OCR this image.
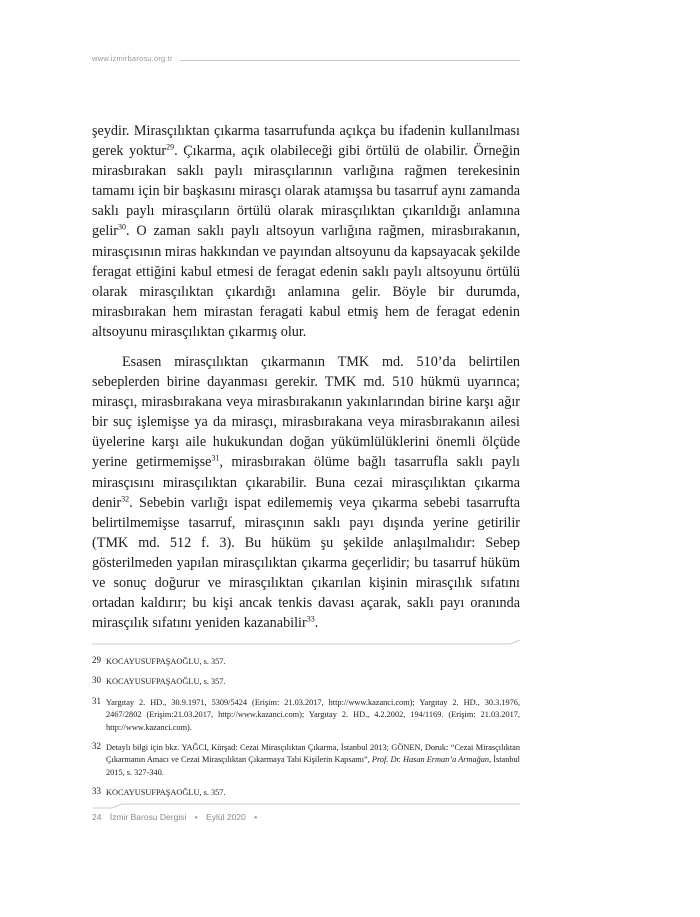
www.izmirbarosu.org.tr

şeydir. Mirasçılıktan çıkarma tasarrufunda açıkça bu ifadenin kullanılması gerek yoktur$^{29}$. Çıkarma, açık olabileceği gibi örtülü de olabilir. Örneğin mirasbırakan saklı paylı mirasçılarının varlığına rağmen terekesinin tamamı için bir başkasını mirasçı olarak atamışsa bu tasarruf aynı zamanda saklı paylı mirasçıların örtülü olarak mirasçılıktan çıkarıldığı anlamına gelir$^{30}$. O zaman saklı paylı altsoyun varlığına rağmen, mirasbırakanın, mirasçısının miras hakkından ve payından altsoyunu da kapsayacak şekilde feragat ettiğini kabul etmesi de feragat edenin saklı paylı altsoyunu örtülü olarak mirasçılıktan çıkardığı anlamına gelir. Böyle bir durumda, mirasbırakan hem mirastan feragati kabul etmiş hem de feragat edenin altsoyunu mirasçılıktan çıkarmış olur.

Esasen mirasçılıktan çıkarmanın TMK md. 510’da belirtilen sebeplerden birine dayanması gerekir. TMK md. 510 hükmü uyarınca; mirasçı, mirasbırakana veya mirasbırakanın yakınlarından birine karşı ağır bir suç işlemişse ya da mirasçı, mirasbırakana veya mirasbırakanın ailesi üyelerine karşı aile hukukundan doğan yükümlülüklerini önemli ölçüde yerine getirmemişse$^{31}$, mirasbırakan ölüme bağlı tasarrufla saklı paylı mirasçısını mirasçılıktan çıkarabilir. Buna cezai mirasçılıktan çıkarma denir$^{32}$. Sebebin varlığı ispat edilememiş veya çıkarma sebebi tasarrufta belirtilmemişse tasarruf, mirasçının saklı payı dışında yerine getirilir (TMK md. 512 f. 3). Bu hüküm şu şekilde anlaşılmalıdır: Sebep gösterilmeden yapılan mirasçılıktan çıkarma geçerlidir; bu tasarruf hüküm ve sonuç doğurur ve mirasçılıktan çıkarılan kişinin mirasçılık sıfatını ortadan kaldırır; bu kişi ancak tenkis davası açarak, saklı payı oranında mirasçılık sıfatını yeniden kazanabilir$^{33}$.

29 KOCAYUSUFPAŞAOĞLU, s. 357.
30 KOCAYUSUFPAŞAOĞLU, s. 357.
31 Yargıtay 2. HD., 30.9.1971, 5309/5424 (Erişim: 21.03.2017, http://www.kazanci.com); Yargıtay 2. HD., 30.3.1976, 2467/2802 (Erişim:21.03.2017, http://www.kazanci.com); Yargıtay 2. HD., 4.2.2002, 194/1169. (Erişim: 21.03.2017, http://www.kazanci.com).
32 Detaylı bilgi için bkz. YAĞCI, Kürşad: Cezai Mirasçılıktan Çıkarma, İstanbul 2013; GÖNEN, Doruk: “Cezai Mirasçılıktan Çıkarmanın Amacı ve Cezai Mirasçılıktan Çıkarmaya Tabi Kişilerin Kapsamı”, Prof. Dr. Hasan Erman’a Armağan, İstanbul 2015, s. 327-340.
33 KOCAYUSUFPAŞAOĞLU, s. 357.
24 İzmir Barosu Dergisi • Eylül 2020 •
